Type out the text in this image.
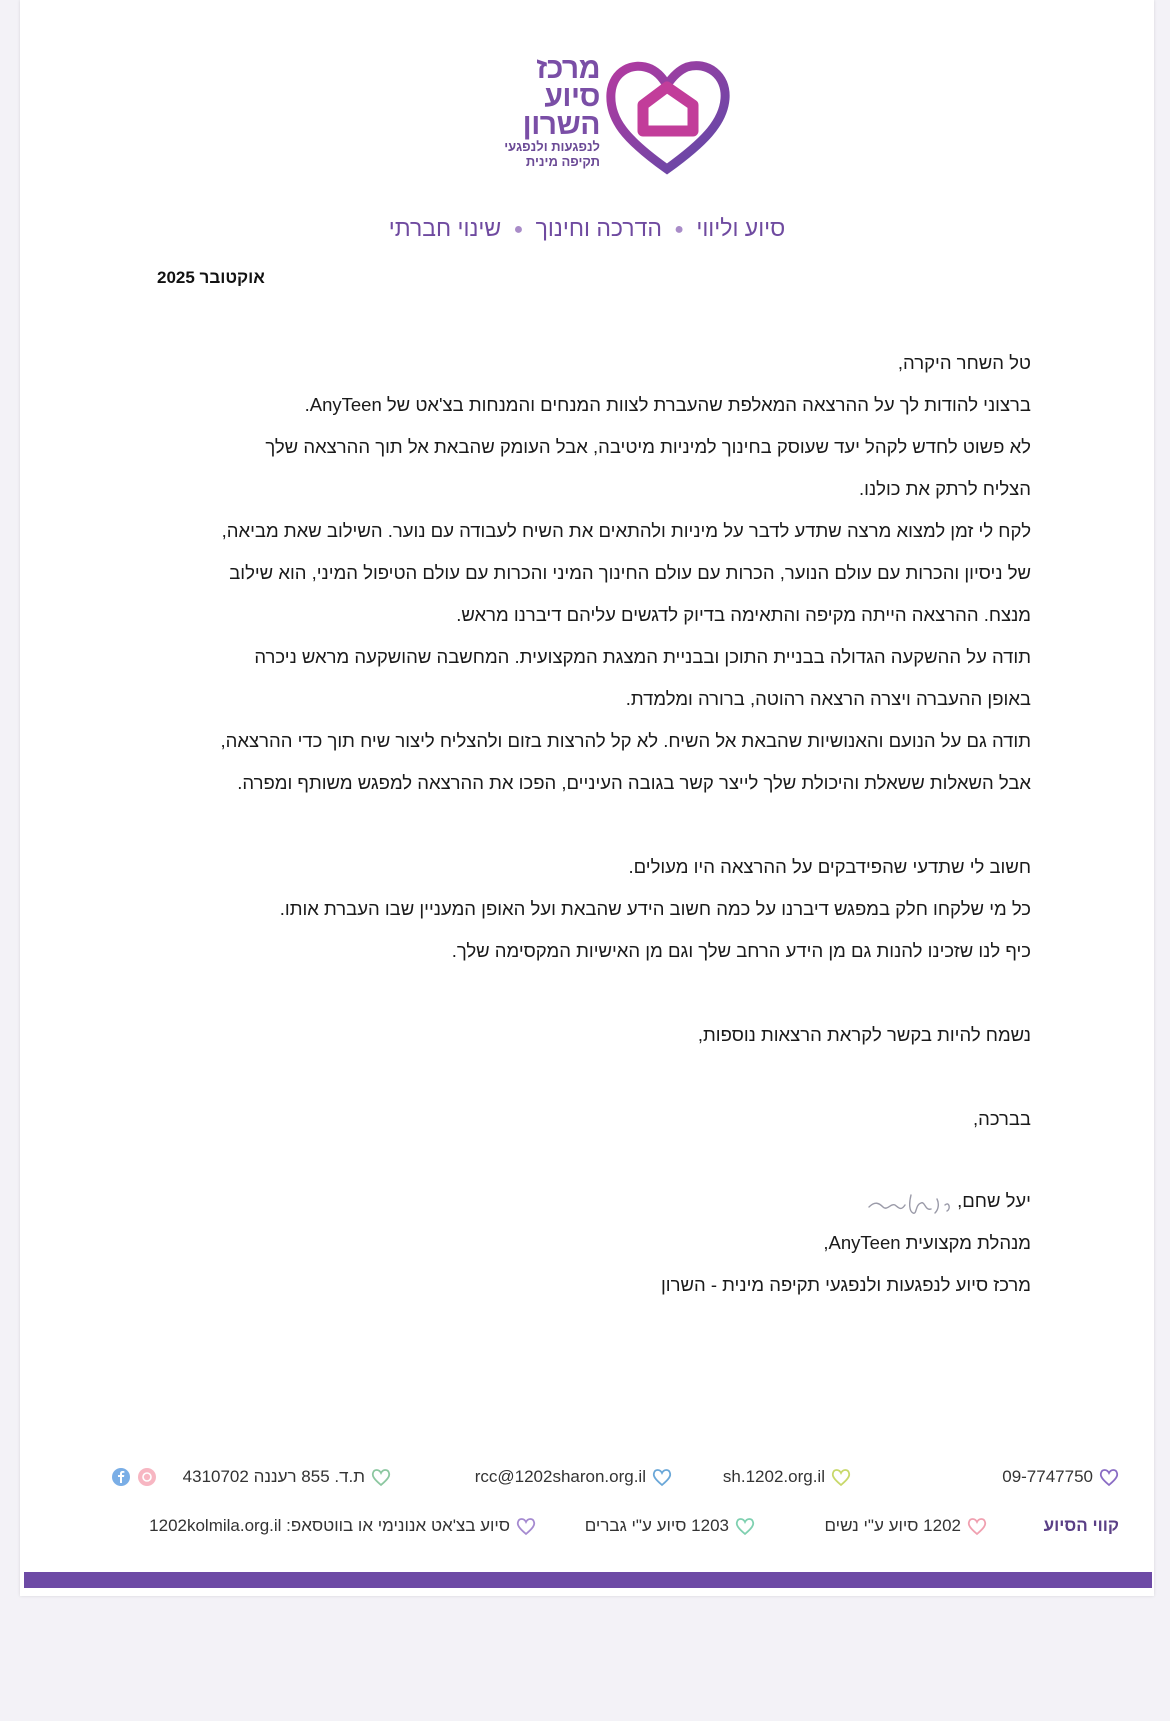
מרכז
סיוע
השרון
לנפגעות ולנפגעי
תקיפה מינית
סיוע וליווי ● הדרכה וחינוך ● שינוי חברתי
אוקטובר 2025
טל השחר היקרה,
ברצוני להודות לך על ההרצאה המאלפת שהעברת לצוות המנחים והמנחות בצ'אט של AnyTeen.
לא פשוט לחדש לקהל יעד שעוסק בחינוך למיניות מיטיבה, אבל העומק שהבאת אל תוך ההרצאה שלך
הצליח לרתק את כולנו.
לקח לי זמן למצוא מרצה שתדע לדבר על מיניות ולהתאים את השיח לעבודה עם נוער. השילוב שאת מביאה,
של ניסיון והכרות עם עולם הנוער, הכרות עם עולם החינוך המיני והכרות עם עולם הטיפול המיני, הוא שילוב
מנצח. ההרצאה הייתה מקיפה והתאימה בדיוק לדגשים עליהם דיברנו מראש.
תודה על ההשקעה הגדולה בבניית התוכן ובבניית המצגת המקצועית. המחשבה שהושקעה מראש ניכרה
באופן ההעברה ויצרה הרצאה רהוטה, ברורה ומלמדת.
תודה גם על הנועם והאנושיות שהבאת אל השיח. לא קל להרצות בזום ולהצליח ליצור שיח תוך כדי ההרצאה,
אבל השאלות ששאלת והיכולת שלך לייצר קשר בגובה העיניים, הפכו את ההרצאה למפגש משותף ומפרה.
חשוב לי שתדעי שהפידבקים על ההרצאה היו מעולים.
כל מי שלקחו חלק במפגש דיברנו על כמה חשוב הידע שהבאת ועל האופן המעניין שבו העברת אותו.
כיף לנו שזכינו להנות גם מן הידע הרחב שלך וגם מן האישיות המקסימה שלך.
נשמח להיות בקשר לקראת הרצאות נוספות,
בברכה,
יעל שחם,
מנהלת מקצועית AnyTeen,
מרכז סיוע לנפגעות ולנפגעי תקיפה מינית - השרון
09-7747750
sh.1202.org.il
rcc@1202sharon.org.il
ת.ד. 855 רעננה 4310702
קווי הסיוע
1202 סיוע ע"י נשים
1203 סיוע ע"י גברים
סיוע בצ'אט אנונימי או בווטסאפ: 1202kolmila.org.il
